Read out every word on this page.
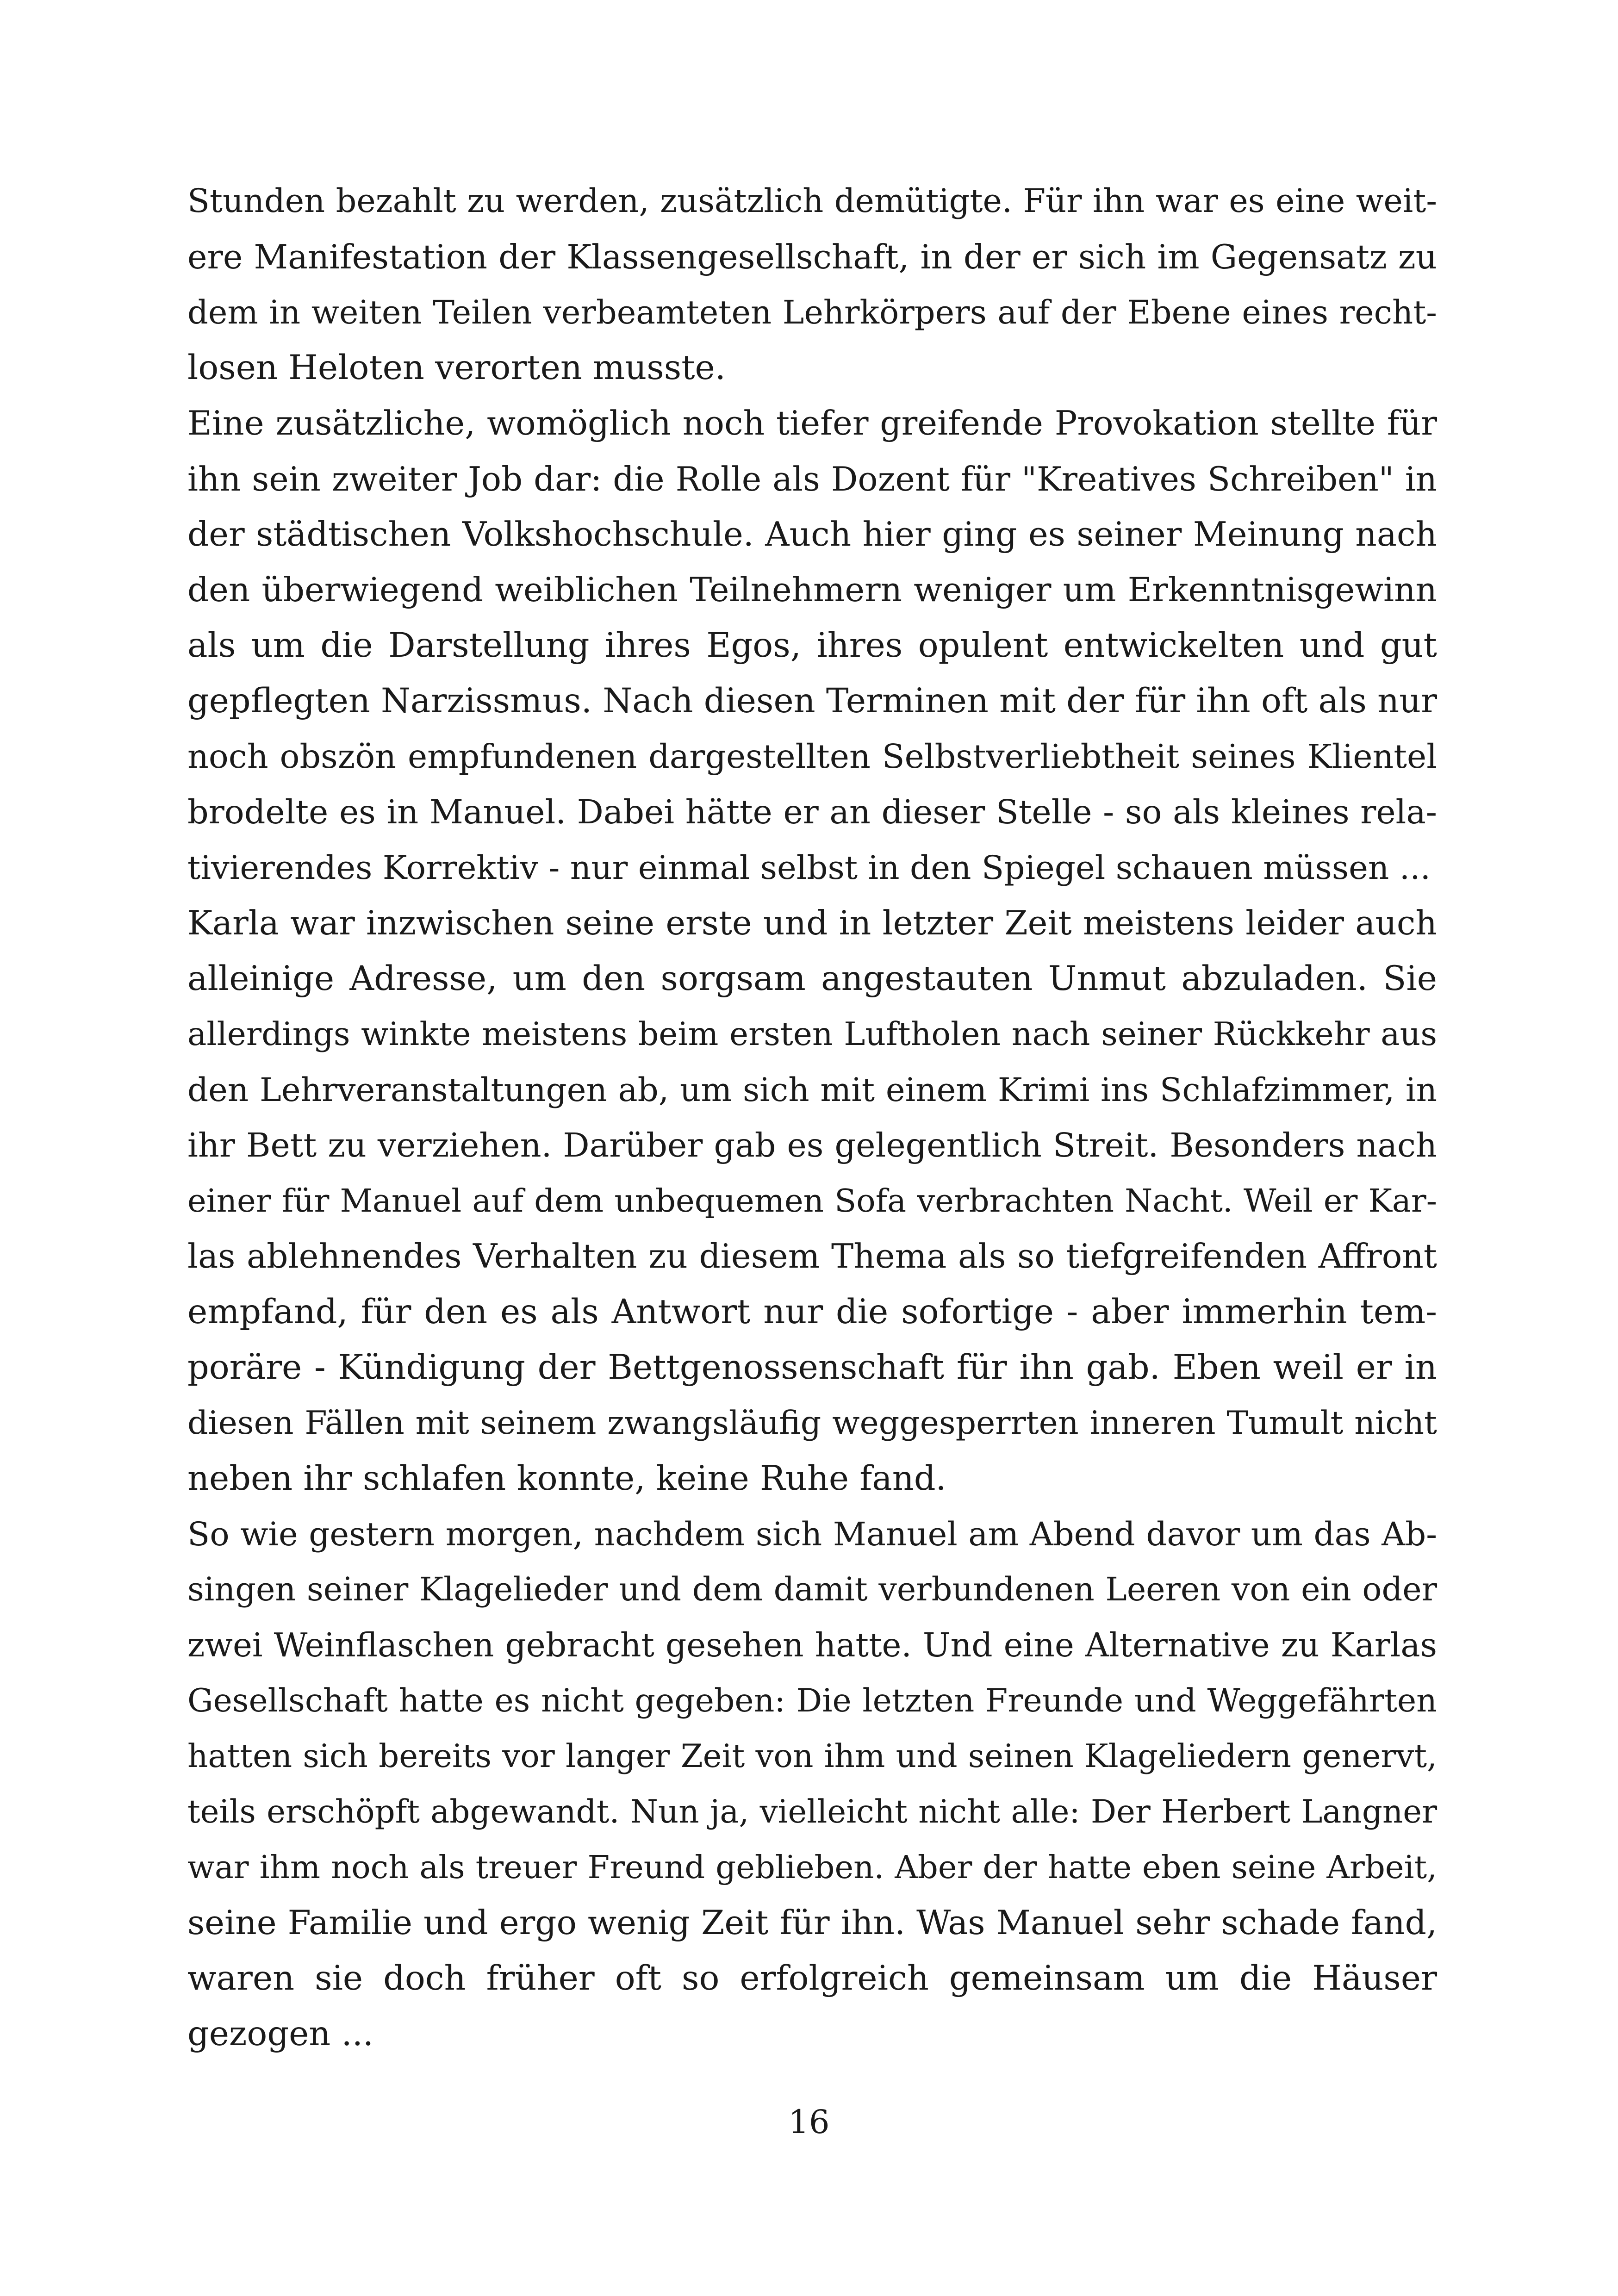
Stunden bezahlt zu werden, zusätzlich demütigte. Für ihn war es eine weit-
ere Manifestation der Klassengesellschaft, in der er sich im Gegensatz zu
dem in weiten Teilen verbeamteten Lehrkörpers auf der Ebene eines recht-
losen Heloten verorten musste.
Eine zusätzliche, womöglich noch tiefer greifende Provokation stellte für
ihn sein zweiter Job dar: die Rolle als Dozent für "Kreatives Schreiben" in
der städtischen Volkshochschule. Auch hier ging es seiner Meinung nach
den überwiegend weiblichen Teilnehmern weniger um Erkenntnisgewinn
als um die Darstellung ihres Egos, ihres opulent entwickelten und gut
gepflegten Narzissmus. Nach diesen Terminen mit der für ihn oft als nur
noch obszön empfundenen dargestellten Selbstverliebtheit seines Klientel
brodelte es in Manuel. Dabei hätte er an dieser Stelle - so als kleines rela-
tivierendes Korrektiv - nur einmal selbst in den Spiegel schauen müssen ...
Karla war inzwischen seine erste und in letzter Zeit meistens leider auch
alleinige Adresse, um den sorgsam angestauten Unmut abzuladen. Sie
allerdings winkte meistens beim ersten Luftholen nach seiner Rückkehr aus
den Lehrveranstaltungen ab, um sich mit einem Krimi ins Schlafzimmer, in
ihr Bett zu verziehen. Darüber gab es gelegentlich Streit. Besonders nach
einer für Manuel auf dem unbequemen Sofa verbrachten Nacht. Weil er Kar-
las ablehnendes Verhalten zu diesem Thema als so tiefgreifenden Affront
empfand, für den es als Antwort nur die sofortige - aber immerhin tem-
poräre - Kündigung der Bettgenossenschaft für ihn gab. Eben weil er in
diesen Fällen mit seinem zwangsläufig weggesperrten inneren Tumult nicht
neben ihr schlafen konnte, keine Ruhe fand.
So wie gestern morgen, nachdem sich Manuel am Abend davor um das Ab-
singen seiner Klagelieder und dem damit verbundenen Leeren von ein oder
zwei Weinflaschen gebracht gesehen hatte. Und eine Alternative zu Karlas
Gesellschaft hatte es nicht gegeben: Die letzten Freunde und Weggefährten
hatten sich bereits vor langer Zeit von ihm und seinen Klageliedern genervt,
teils erschöpft abgewandt. Nun ja, vielleicht nicht alle: Der Herbert Langner
war ihm noch als treuer Freund geblieben. Aber der hatte eben seine Arbeit,
seine Familie und ergo wenig Zeit für ihn. Was Manuel sehr schade fand,
waren sie doch früher oft so erfolgreich gemeinsam um die Häuser
gezogen ...
16
